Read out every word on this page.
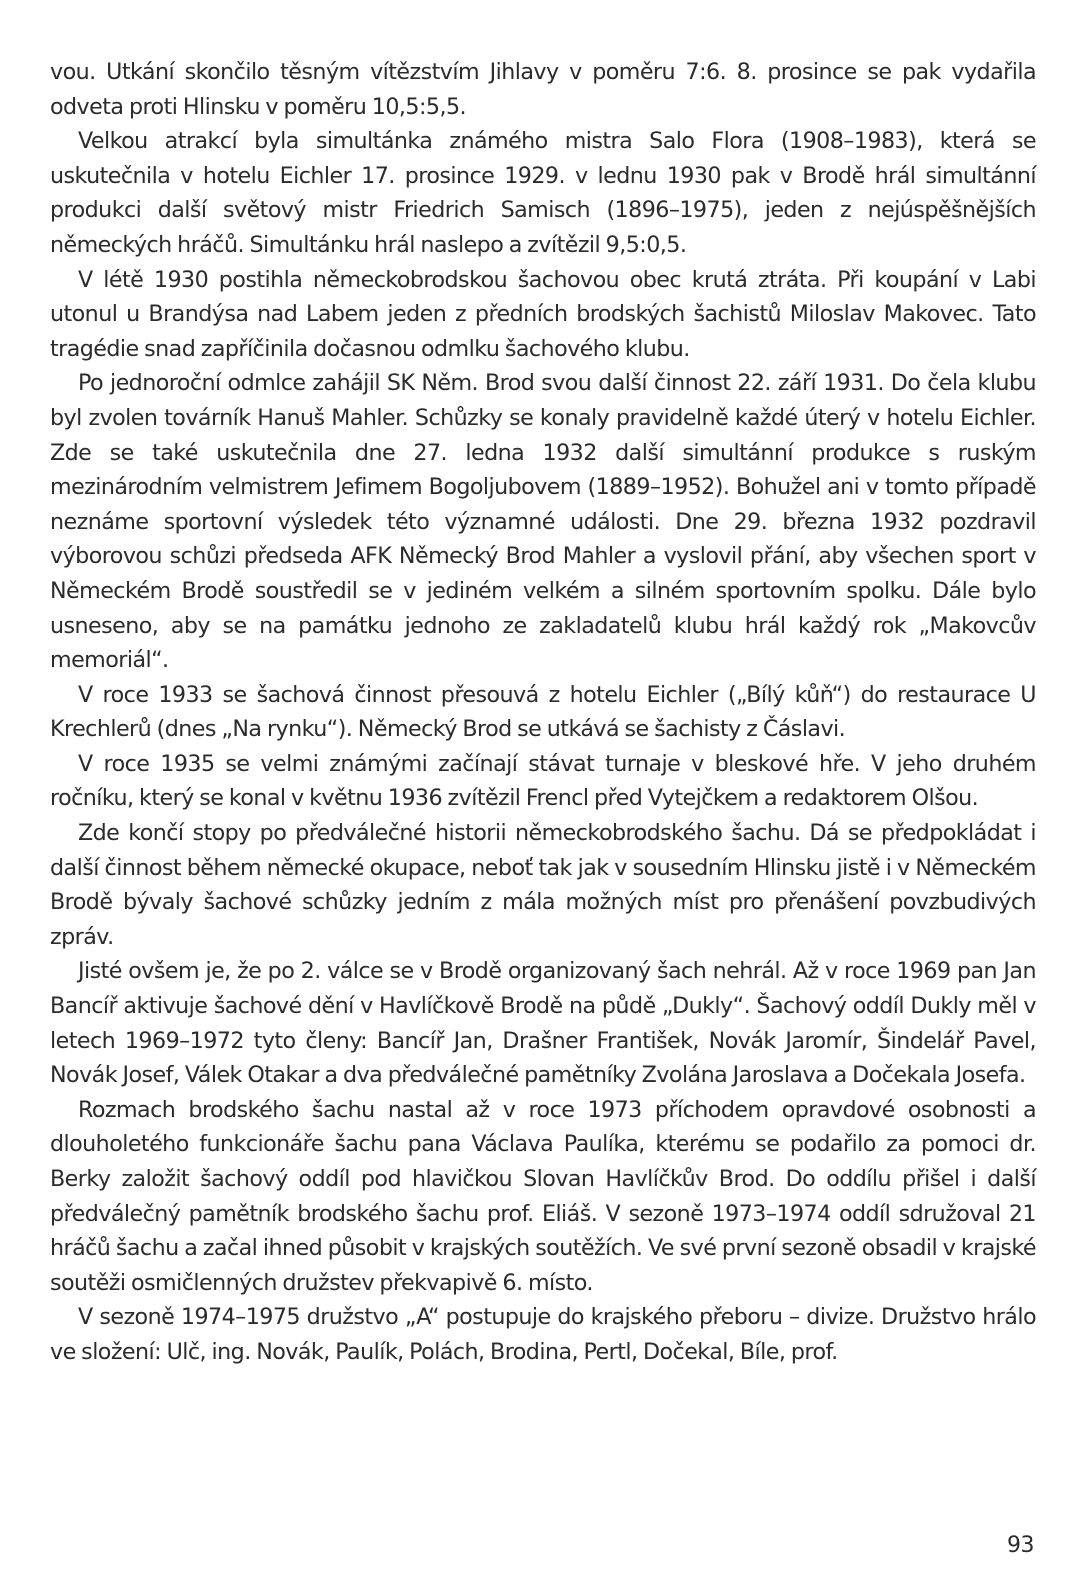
vou. Utkání skončilo těsným vítězstvím Jihlavy v poměru 7:6. 8. prosince se pak vydařila odveta proti Hlinsku v poměru 10,5:5,5.

Velkou atrakcí byla simultánka známého mistra Salo Flora (1908–1983), která se uskutečnila v hotelu Eichler 17. prosince 1929. v lednu 1930 pak v Brodě hrál simultánní produkci další světový mistr Friedrich Samisch (1896–1975), jeden z nejúspěšnějších německých hráčů. Simultánku hrál naslepo a zvítězil 9,5:0,5.

V létě 1930 postihla německobrodskou šachovou obec krutá ztráta. Při koupání v Labi utonul u Brandýsa nad Labem jeden z předních brodských šachistů Miloslav Makovec. Tato tragédie snad zapříčinila dočasnou odmlku šachového klubu.

Po jednoroční odmlce zahájil SK Něm. Brod svou další činnost 22. září 1931. Do čela klubu byl zvolen továrník Hanuš Mahler. Schůzky se konaly pravidelně každé úterý v hotelu Eichler. Zde se také uskutečnila dne 27. ledna 1932 další simultánní produkce s ruským mezinárodním velmistrem Jefimem Bogoljubovem (1889–1952). Bohužel ani v tomto případě neznáme sportovní výsledek této významné události. Dne 29. března 1932 pozdravil výborovou schůzi předseda AFK Německý Brod Mahler a vyslovil přání, aby všechen sport v Německém Brodě soustředil se v jediném velkém a silném sportovním spolku. Dále bylo usneseno, aby se na památku jednoho ze zakladatelů klubu hrál každý rok „Makovcův memoriál“.

V roce 1933 se šachová činnost přesouvá z hotelu Eichler („Bílý kůň“) do restaurace U Krechlerů (dnes „Na rynku“). Německý Brod se utkává se šachisty z Čáslavi.

V roce 1935 se velmi známými začínají stávat turnaje v bleskové hře. V jeho druhém ročníku, který se konal v květnu 1936 zvítězil Frencl před Vytejčkem a redaktorem Olšou.

Zde končí stopy po předválečné historii německobrodského šachu. Dá se předpokládat i další činnost během německé okupace, neboť tak jak v sousedním Hlinsku jistě i v Německém Brodě bývaly šachové schůzky jedním z mála možných míst pro přenášení povzbudivých zpráv.

Jisté ovšem je, že po 2. válce se v Brodě organizovaný šach nehrál. Až v roce 1969 pan Jan Bancíř aktivuje šachové dění v Havlíčkově Brodě na půdě „Dukly“. Šachový oddíl Dukly měl v letech 1969–1972 tyto členy: Bancíř Jan, Drašner František, Novák Jaromír, Šindelář Pavel, Novák Josef, Válek Otakar a dva předválečné pamětníky Zvolána Jaroslava a Dočekala Josefa.

Rozmach brodského šachu nastal až v roce 1973 příchodem opravdové osobnosti a dlouholetého funkcionáře šachu pana Václava Paulíka, kterému se podařilo za pomoci dr. Berky založit šachový oddíl pod hlavičkou Slovan Havlíčkův Brod. Do oddílu přišel i další předválečný pamětník brodského šachu prof. Eliáš. V sezoně 1973–1974 oddíl sdružoval 21 hráčů šachu a začal ihned působit v krajských soutěžích. Ve své první sezoně obsadil v krajské soutěži osmičlenných družstev překvapivě 6. místo.

V sezoně 1974–1975 družstvo „A“ postupuje do krajského přeboru – divize. Družstvo hrálo ve složení: Ulč, ing. Novák, Paulík, Polách, Brodina, Pertl, Dočekal, Bíle, prof.

93
